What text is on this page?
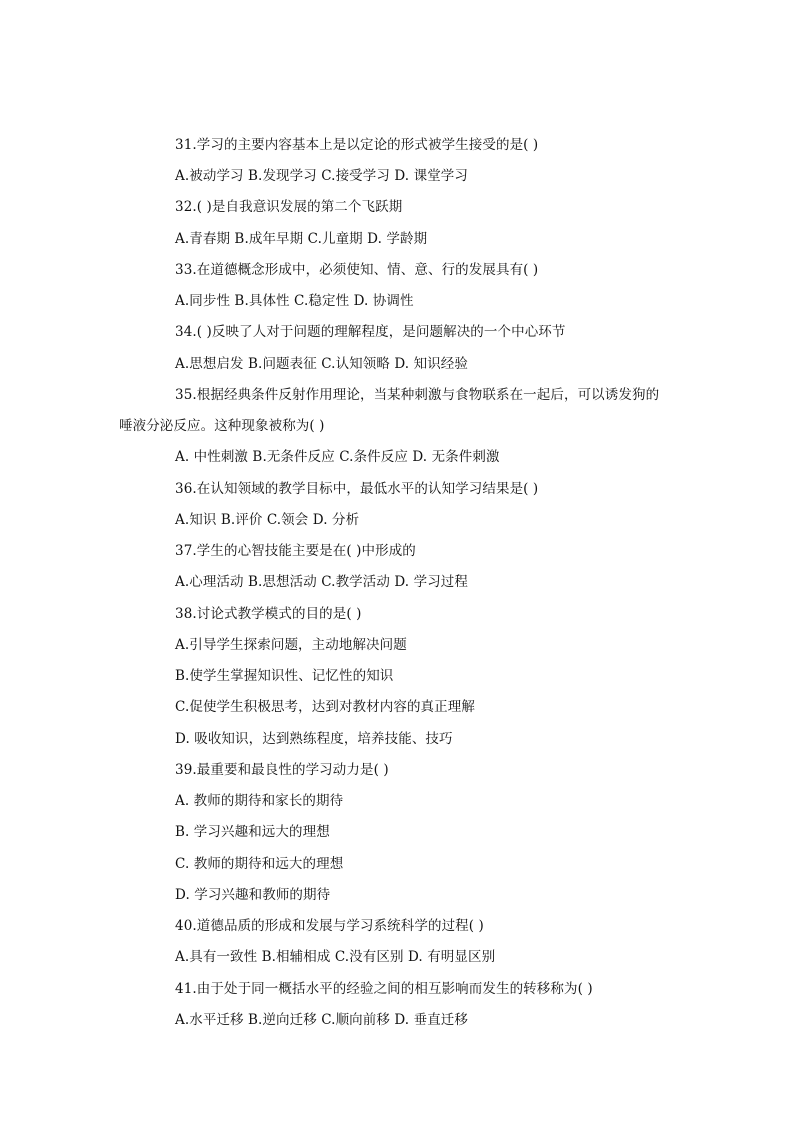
31.学习的主要内容基本上是以定论的形式被学生接受的是( )
A.被动学习 B.发现学习 C.接受学习 D. 课堂学习
32.( )是自我意识发展的第二个飞跃期
A.青春期 B.成年早期 C.儿童期 D. 学龄期
33.在道德概念形成中，必须使知、情、意、行的发展具有( )
A.同步性 B.具体性 C.稳定性 D. 协调性
34.( )反映了人对于问题的理解程度，是问题解决的一个中心环节
A.思想启发 B.问题表征 C.认知领略 D. 知识经验
35.根据经典条件反射作用理论，当某种刺激与食物联系在一起后，可以诱发狗的
唾液分泌反应。这种现象被称为( )
A. 中性刺激 B.无条件反应 C.条件反应 D. 无条件刺激
36.在认知领域的教学目标中，最低水平的认知学习结果是( )
A.知识 B.评价 C.领会 D. 分析
37.学生的心智技能主要是在( )中形成的
A.心理活动 B.思想活动 C.教学活动 D. 学习过程
38.讨论式教学模式的目的是( )
A.引导学生探索问题，主动地解决问题
B.使学生掌握知识性、记忆性的知识
C.促使学生积极思考，达到对教材内容的真正理解
D. 吸收知识，达到熟练程度，培养技能、技巧
39.最重要和最良性的学习动力是( )
A. 教师的期待和家长的期待
B. 学习兴趣和远大的理想
C. 教师的期待和远大的理想
D. 学习兴趣和教师的期待
40.道德品质的形成和发展与学习系统科学的过程( )
A.具有一致性 B.相辅相成 C.没有区别 D. 有明显区别
41.由于处于同一概括水平的经验之间的相互影响而发生的转移称为( )
A.水平迁移 B.逆向迁移 C.顺向前移 D. 垂直迁移
